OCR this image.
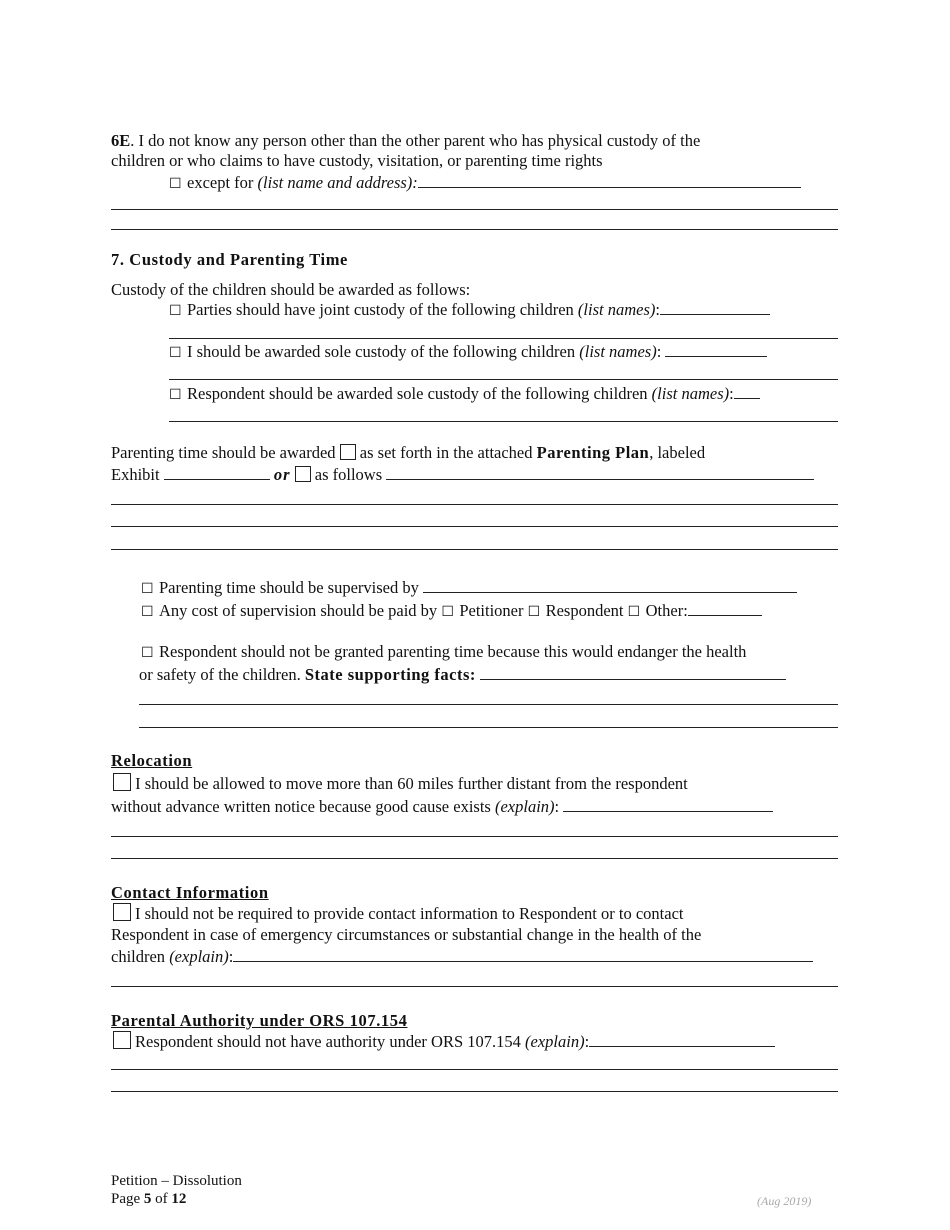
6E. I do not know any person other than the other parent who has physical custody of the
children or who claims to have custody, visitation, or parenting time rights
☐ except for (list name and address):
7. Custody and Parenting Time
Custody of the children should be awarded as follows:
☐ Parties should have joint custody of the following children (list names):
☐ I should be awarded sole custody of the following children (list names):
☐ Respondent should be awarded sole custody of the following children (list names):
Parenting time should be awarded  as set forth in the attached Parenting Plan, labeled
Exhibit	or  as follows
☐ Parenting time should be supervised by
☐ Any cost of supervision should be paid by ☐ Petitioner ☐ Respondent ☐ Other:
☐ Respondent should not be granted parenting time because this would endanger the health
or safety of the children. State supporting facts:
Relocation
I should be allowed to move more than 60 miles further distant from the respondent
without advance written notice because good cause exists (explain):
Contact Information
I should not be required to provide contact information to Respondent or to contact
Respondent in case of emergency circumstances or substantial change in the health of the
children (explain):
Parental Authority under ORS 107.154
Respondent should not have authority under ORS 107.154 (explain):
Petition – Dissolution
Page 5 of 12	(Aug 2019)
